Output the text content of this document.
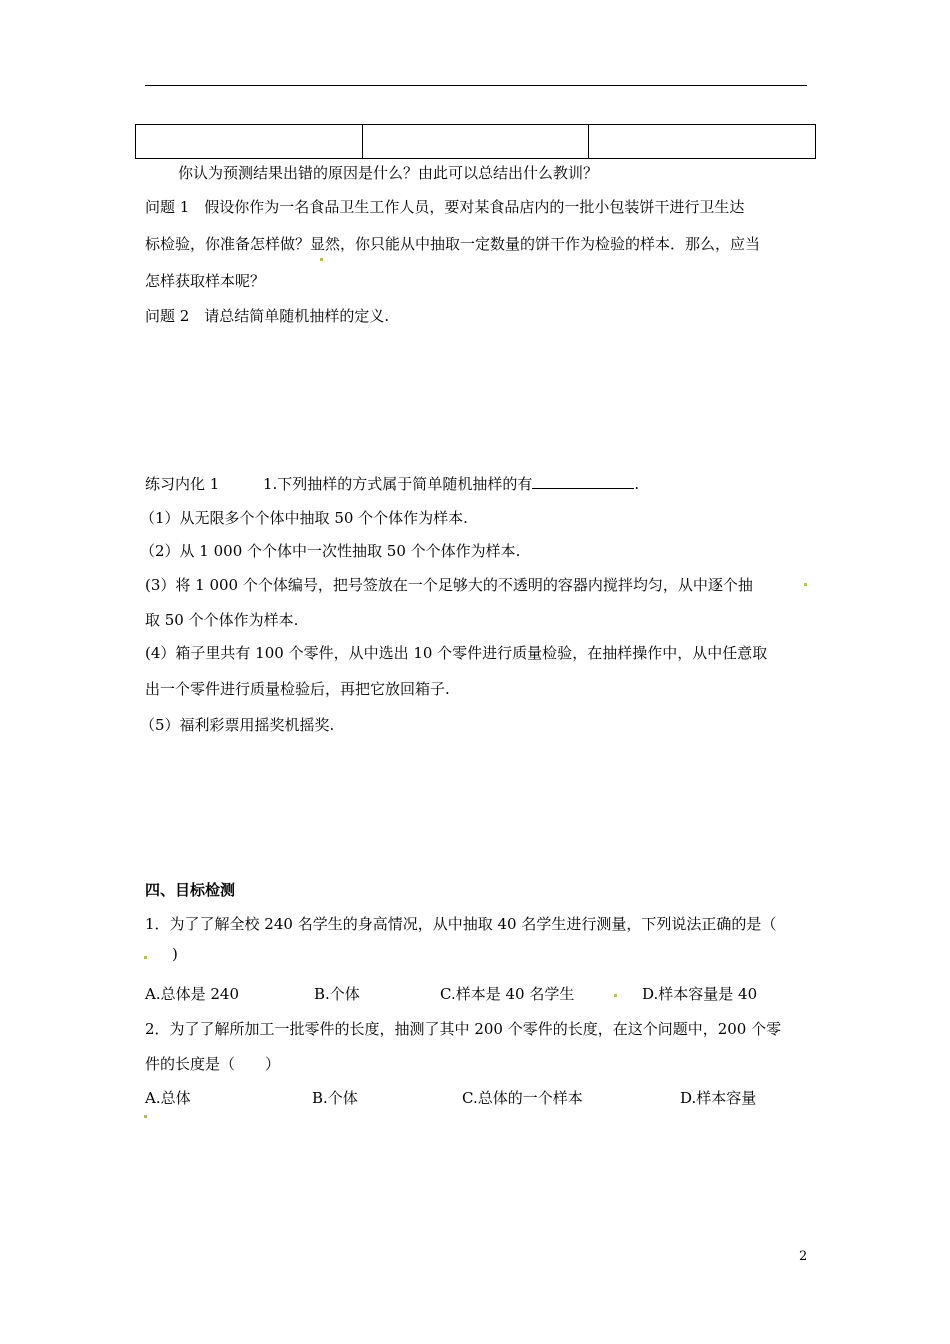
你认为预测结果出错的原因是什么？由此可以总结出什么教训？
问题 1　假设你作为一名食品卫生工作人员，要对某食品店内的一批小包装饼干进行卫生达
标检验，你准备怎样做？显然，你只能从中抽取一定数量的饼干作为检验的样本．那么，应当
怎样获取样本呢？
问题 2　请总结简单随机抽样的定义.
练习内化 1	1.下列抽样的方式属于简单随机抽样的有	.
（1）从无限多个个体中抽取 50 个个体作为样本.
（2）从 1 000 个个体中一次性抽取 50 个个体作为样本.
(3）将 1 000 个个体编号，把号签放在一个足够大的不透明的容器内搅拌均匀，从中逐个抽
取 50 个个体作为样本.
(4）箱子里共有 100 个零件，从中选出 10 个零件进行质量检验，在抽样操作中，从中任意取
出一个零件进行质量检验后，再把它放回箱子.
（5）福利彩票用摇奖机摇奖.
四、目标检测
1．为了了解全校 240 名学生的身高情况，从中抽取 40 名学生进行测量，下列说法正确的是（
)
A.总体是 240	B.个体	C.样本是 40 名学生	D.样本容量是 40
2．为了了解所加工一批零件的长度，抽测了其中 200 个零件的长度，在这个问题中，200 个零
件的长度是（　　）
A.总体	B.个体	C.总体的一个样本	D.样本容量
2
